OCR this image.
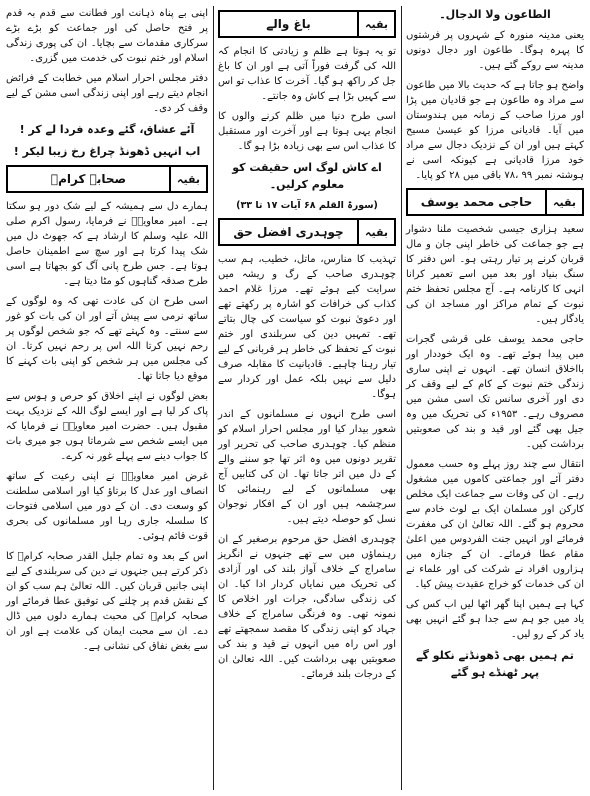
الطاعون ولا الدجال۔

یعنی مدینہ منورہ کے شہروں پر فرشتوں کا پہرہ ہوگا۔ طاعون اور دجال دونوں مدینہ سے روکے گئے ہیں۔

واضح ہو جاتا ہے کہ حدیث بالا میں طاعون سے مراد وہ طاعون ہے جو قادیان میں پڑا اور مرزا صاحب کے زمانہ میں ہندوستان میں آیا۔ قادیانی مرزا کو عیسیٰ مسیح کہتے ہیں اور ان کے نزدیک دجال سے مراد خود مرزا قادیانی ہے کیونکہ اسی نے ہوشتہ نمبر ۹۹ ،۷۸ باقی میں ۲۸ کو پایا۔

بقیہ
حاجی محمد یوسف

سعید ہزاری جیسی شخصیت ملنا دشوار ہے جو جماعت کی خاطر اپنی جان و مال قربان کرنے پر تیار رہتی ہو۔ اس دفتر کا سنگ بنیاد اور بعد میں اسے تعمیر کرانا انہی کا کارنامہ ہے۔ آج مجلس تحفظ ختم نبوت کے تمام مراکز اور مساجد ان کی یادگار ہیں۔

حاجی محمد یوسف علی قرشی گجرات میں پیدا ہوئے تھے۔ وہ ایک خوددار اور بااخلاق انسان تھے۔ انہوں نے اپنی ساری زندگی ختم نبوت کے کام کے لیے وقف کر دی اور آخری سانس تک اسی مشن میں مصروف رہے۔ ۱۹۵۳ء کی تحریک میں وہ جیل بھی گئے اور قید و بند کی صعوبتیں برداشت کیں۔

انتقال سے چند روز پہلے وہ حسب معمول دفتر آئے اور جماعتی کاموں میں مشغول رہے۔ ان کی وفات سے جماعت ایک مخلص کارکن اور مسلمان ایک بے لوث خادم سے محروم ہو گئے۔ اللہ تعالیٰ ان کی مغفرت فرمائے اور انہیں جنت الفردوس میں اعلیٰ مقام عطا فرمائے۔ ان کے جنازہ میں ہزاروں افراد نے شرکت کی اور علماء نے ان کی خدمات کو خراج عقیدت پیش کیا۔

کہا ہے ہمیں اپنا گھر اٹھا لیں اب کس کی یاد میں جو ہم سے جدا ہو گئے انہیں بھی یاد کر کے رو لیں۔

تم ہمیں بھی ڈھونڈتے نکلو گے پہر ٹھنڈے ہو گئے

بقیہ
باغ والے

تو یہ ہوتا ہے ظلم و زیادتی کا انجام کہ اللہ کی گرفت فوراً آتی ہے اور ان کا باغ جل کر راکھ ہو گیا۔ آخرت کا عذاب تو اس سے کہیں بڑا ہے کاش وہ جانتے۔

اسی طرح دنیا میں ظلم کرنے والوں کا انجام یہی ہوتا ہے اور آخرت اور مستقبل کا عذاب اس سے بھی زیادہ بڑا ہو گا۔

اے کاش لوگ اس حقیقت کو معلوم کرلیں۔

(سورۃ القلم ۶۸ آیات ۱۷ تا ۳۳)

بقیہ
چوہدری افضل حق

تہذیب کا منارس، ماتل، خطیب، ہم سب چوہدری صاحب کے رگ و ریشہ میں سرایت کیے ہوئے تھے۔ مرزا غلام احمد کذاب کی خرافات کو اشارہ پر رکھتے تھے اور دعویٰ نبوت کو سیاست کی چال بتاتے تھے۔ تمہیں دین کی سربلندی اور ختم نبوت کے تحفظ کی خاطر ہر قربانی کے لیے تیار رہنا چاہیے۔ قادیانیت کا مقابلہ صرف دلیل سے نہیں بلکہ عمل اور کردار سے ہوگا۔

اسی طرح انہوں نے مسلمانوں کے اندر شعور بیدار کیا اور مجلس احرار اسلام کو منظم کیا۔ چوہدری صاحب کی تحریر اور تقریر دونوں میں وہ اثر تھا جو سننے والے کے دل میں اتر جاتا تھا۔ ان کی کتابیں آج بھی مسلمانوں کے لیے رہنمائی کا سرچشمہ ہیں اور ان کے افکار نوجوان نسل کو حوصلہ دیتے ہیں۔

چوہدری افضل حق مرحوم برصغیر کے ان رہنماؤں میں سے تھے جنہوں نے انگریز سامراج کے خلاف آواز بلند کی اور آزادی کی تحریک میں نمایاں کردار ادا کیا۔ ان کی زندگی سادگی، جرات اور اخلاص کا نمونہ تھی۔ وہ فرنگی سامراج کے خلاف جہاد کو اپنی زندگی کا مقصد سمجھتے تھے اور اس راہ میں انہوں نے قید و بند کی صعوبتیں بھی برداشت کیں۔ اللہ تعالیٰ ان کے درجات بلند فرمائے۔

اپنی بے پناہ ذہانت اور فطانت سے قدم بہ قدم پر فتح حاصل کی اور جماعت کو بڑے بڑے سرکاری مقدمات سے بچایا۔ ان کی پوری زندگی اسلام اور ختم نبوت کی خدمت میں گزری۔

دفتر مجلس احرار اسلام میں خطابت کے فرائض انجام دیتے رہے اور اپنی زندگی اسی مشن کے لیے وقف کر دی۔

آئے عشاق، گئے وعدہ فردا لے کر !

اب انہیں ڈھونڈ چراغ رخ زیبا لیکر !

بقیہ
صحابہ کرامؓ

ہمارے دل سے ہمیشہ کے لیے شک دور ہو سکتا ہے۔ امیر معاویہؓ نے فرمایا، رسول اکرم صلی اللہ علیہ وسلم کا ارشاد ہے کہ جھوٹ دل میں شک پیدا کرتا ہے اور سچ سے اطمینان حاصل ہوتا ہے۔ جس طرح پانی آگ کو بجھاتا ہے اسی طرح صدقہ گناہوں کو مٹا دیتا ہے۔

اسی طرح ان کی عادت تھی کہ وہ لوگوں کے ساتھ نرمی سے پیش آتے اور ان کی بات کو غور سے سنتے۔ وہ کہتے تھے کہ جو شخص لوگوں پر رحم نہیں کرتا اللہ اس پر رحم نہیں کرتا۔ ان کی مجلس میں ہر شخص کو اپنی بات کہنے کا موقع دیا جاتا تھا۔

بعض لوگوں نے اپنے اخلاق کو حرص و ہوس سے پاک کر لیا ہے اور ایسے لوگ اللہ کے نزدیک بہت مقبول ہیں۔ حضرت امیر معاویہؓ نے فرمایا کہ میں ایسے شخص سے شرماتا ہوں جو میری بات کا جواب دینے سے پہلے غور نہ کرے۔

غرض امیر معاویہؓ نے اپنی رعیت کے ساتھ انصاف اور عدل کا برتاؤ کیا اور اسلامی سلطنت کو وسعت دی۔ ان کے دور میں اسلامی فتوحات کا سلسلہ جاری رہا اور مسلمانوں کی بحری قوت قائم ہوئی۔

اس کے بعد وہ تمام جلیل القدر صحابہ کرامؓ کا ذکر کرتے ہیں جنہوں نے دین کی سربلندی کے لیے اپنی جانیں قربان کیں۔ اللہ تعالیٰ ہم سب کو ان کے نقش قدم پر چلنے کی توفیق عطا فرمائے اور صحابہ کرامؓ کی محبت ہمارے دلوں میں ڈال دے۔ ان سے محبت ایمان کی علامت ہے اور ان سے بغض نفاق کی نشانی ہے۔
